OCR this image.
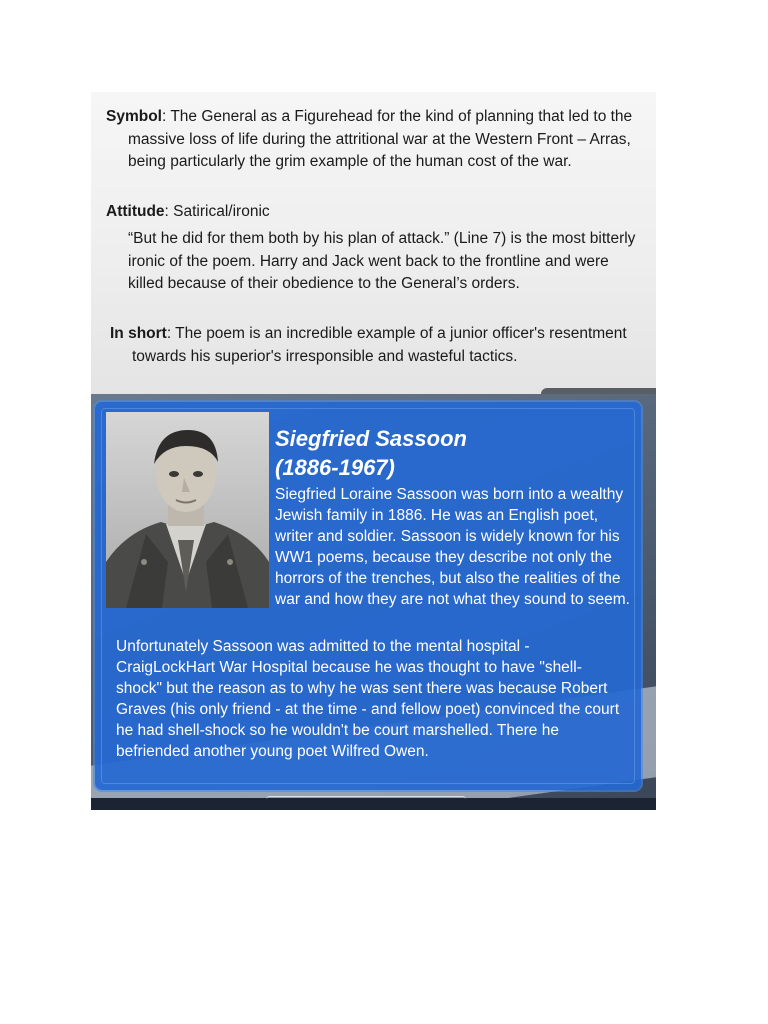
Symbol: The General as a Figurehead for the kind of planning that led to the massive loss of life during the attritional war at the Western Front – Arras, being particularly the grim example of the human cost of the war.

Attitude: Satirical/ironic

“But he did for them both by his plan of attack.” (Line 7) is the most bitterly ironic of the poem. Harry and Jack went back to the frontline and were killed because of their obedience to the General’s orders.

In short: The poem is an incredible example of a junior officer's resentment towards his superior's irresponsible and wasteful tactics.

Siegfried Sassoon
(1886-1967)

Siegfried Loraine Sassoon was born into a wealthy Jewish family in 1886. He was an English poet, writer and soldier. Sassoon is widely known for his WW1 poems, because they describe not only the horrors of the trenches, but also the realities of the war and how they are not what they sound to seem.

Unfortunately Sassoon was admitted to the mental hospital - CraigLockHart War Hospital because he was thought to have "shell-shock" but the reason as to why he was sent there was because Robert Graves (his only friend - at the time - and fellow poet) convinced the court he had shell-shock so he wouldn't be court marshelled. There he befriended another young poet Wilfred Owen.
